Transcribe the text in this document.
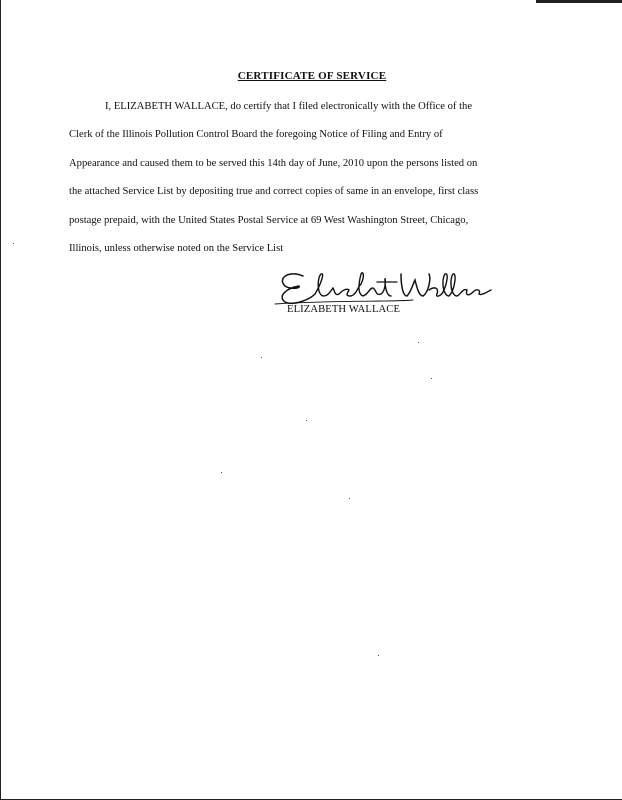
CERTIFICATE OF SERVICE
I, ELIZABETH WALLACE, do certify that I filed electronically with the Office of the
Clerk of the Illinois Pollution Control Board the foregoing Notice of Filing and Entry of
Appearance and caused them to be served this 14th day of June, 2010 upon the persons listed on
the attached Service List by depositing true and correct copies of same in an envelope, first class
postage prepaid, with the United States Postal Service at 69 West Washington Street, Chicago,
Illinois, unless otherwise noted on the Service List
ELIZABETH WALLACE
